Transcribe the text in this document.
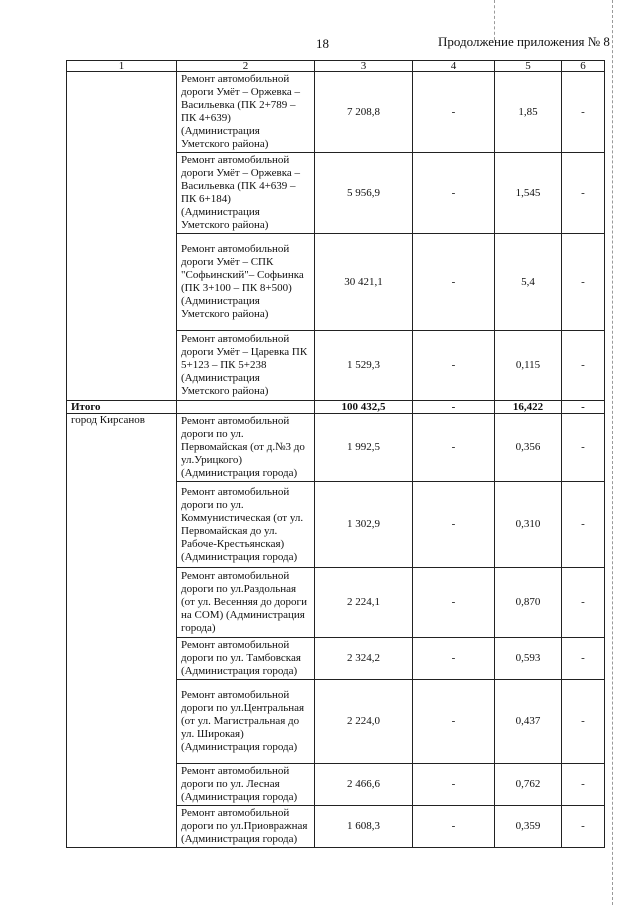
18	Продолжение приложения № 8
1	2	3	4	5	6
	Ремонт автомобильной дороги Умёт – Оржевка – Васильевка (ПК 2+789 – ПК 4+639) (Администрация Уметского района)	7 208,8	-	1,85	-
	Ремонт автомобильной дороги Умёт – Оржевка – Васильевка (ПК 4+639 – ПК 6+184) (Администрация Уметского района)	5 956,9	-	1,545	-
	Ремонт автомобильной дороги Умёт – СПК "Софьинский"– Софьинка (ПК 3+100 – ПК 8+500) (Администрация Уметского района)	30 421,1	-	5,4	-
	Ремонт автомобильной дороги Умёт – Царевка ПК 5+123 – ПК 5+238 (Администрация Уметского района)	1 529,3	-	0,115	-
Итого		100 432,5	-	16,422	-
город Кирсанов	Ремонт автомобильной дороги по ул. Первомайская (от д.№3 до ул.Урицкого) (Администрация города)	1 992,5	-	0,356	-
	Ремонт автомобильной дороги по ул. Коммунистическая (от ул. Первомайская до ул. Рабоче-Крестьянская) (Администрация города)	1 302,9	-	0,310	-
	Ремонт автомобильной дороги по ул.Раздольная (от ул. Весенняя до дороги на СОМ) (Администрация города)	2 224,1	-	0,870	-
	Ремонт автомобильной дороги по ул. Тамбовская (Администрация города)	2 324,2	-	0,593	-
	Ремонт автомобильной дороги по ул.Центральная (от ул. Магистральная до ул. Широкая) (Администрация города)	2 224,0	-	0,437	-
	Ремонт автомобильной дороги по ул. Лесная (Администрация города)	2 466,6	-	0,762	-
	Ремонт автомобильной дороги по ул.Приовражная (Администрация города)	1 608,3	-	0,359	-
